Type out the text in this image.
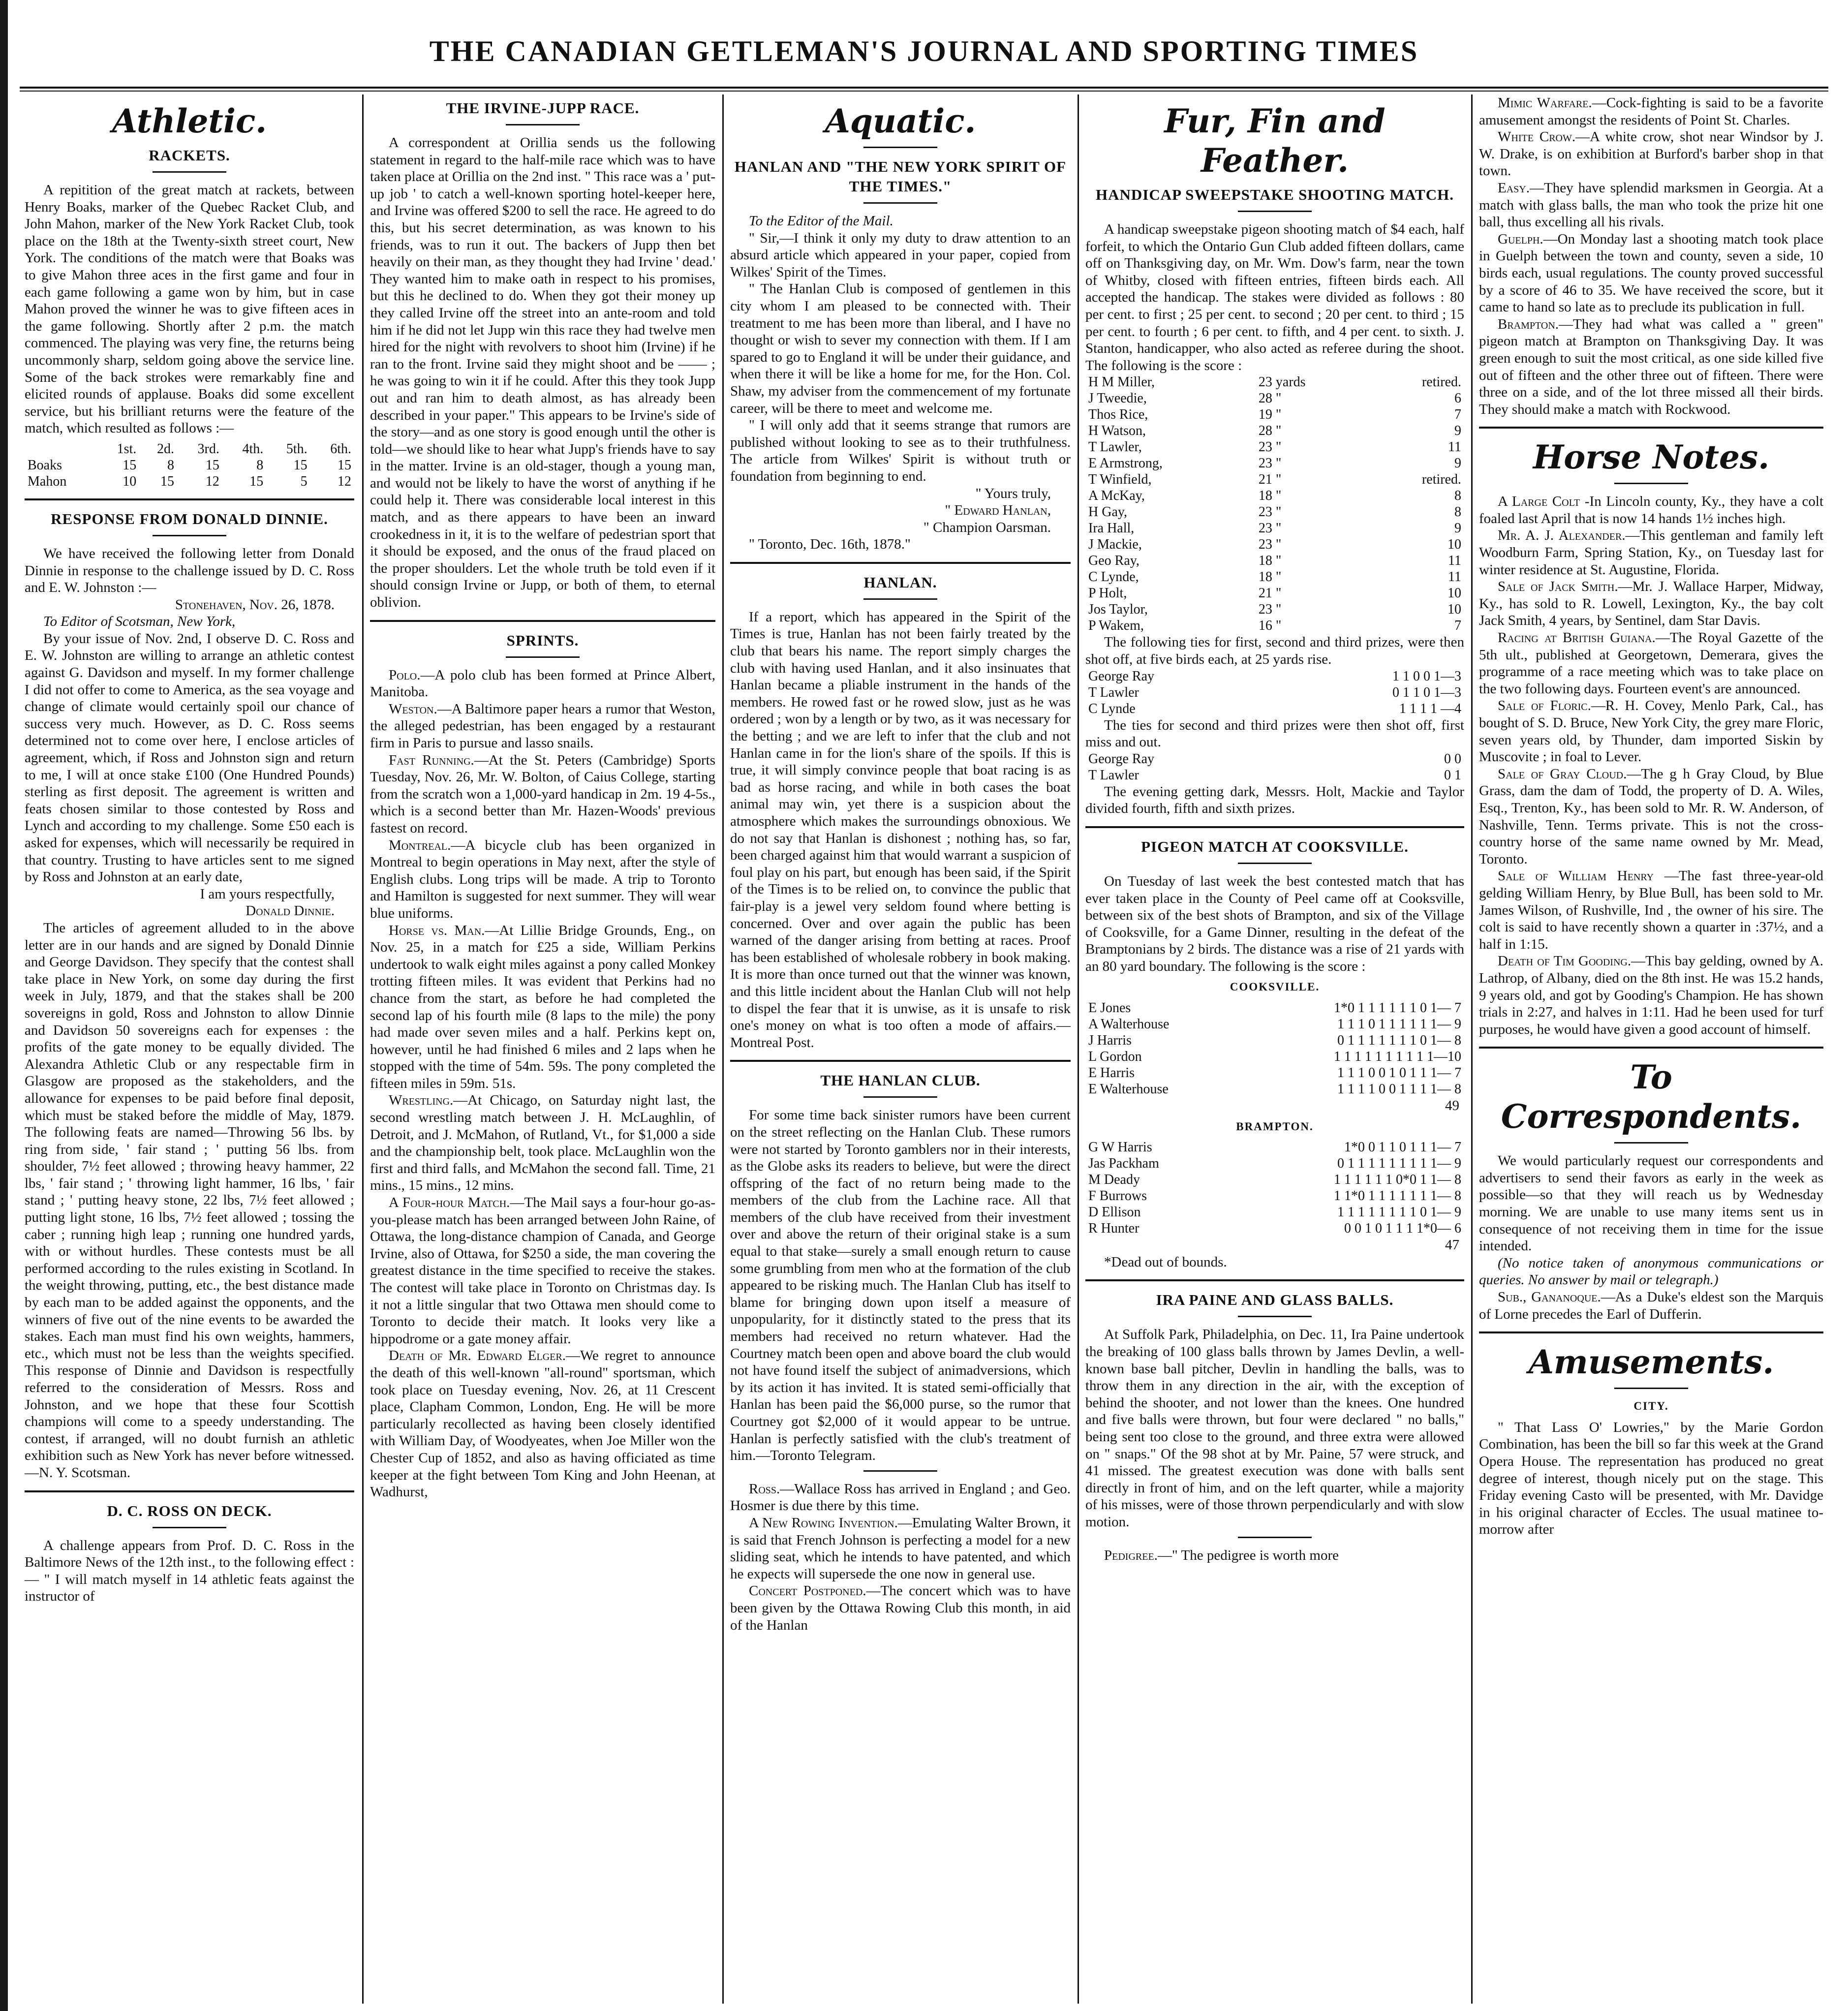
THE CANADIAN GETLEMAN'S JOURNAL AND SPORTING TIMES
Athletic.
RACKETS.

A repitition of the great match at rackets, between Henry Boaks, marker of the Quebec Racket Club, and John Mahon, marker of the New York Racket Club, took place on the 18th at the Twenty-sixth street court, New York. The conditions of the match were that Boaks was to give Mahon three aces in the first game and four in each game following a game won by him, but in case Mahon proved the winner he was to give fifteen aces in the game following. Shortly after 2 p.m. the match commenced. The playing was very fine, the returns being uncommonly sharp, seldom going above the service line. Some of the back strokes were remarkably fine and elicited rounds of applause. Boaks did some excellent service, but his brilliant returns were the feature of the match, which resulted as follows :—

	1st.	2d.	3rd.	4th.	5th.	6th.
Boaks	15	8	15	8	15	15
Mahon	10	15	12	15	5	12
RESPONSE FROM DONALD DINNIE.

We have received the following letter from Donald Dinnie in response to the challenge issued by D. C. Ross and E. W. Johnston :—

Stonehaven, Nov. 26, 1878.

To Editor of Scotsman, New York,

By your issue of Nov. 2nd, I observe D. C. Ross and E. W. Johnston are willing to arrange an athletic contest against G. Davidson and myself. In my former challenge I did not offer to come to America, as the sea voyage and change of climate would certainly spoil our chance of success very much. However, as D. C. Ross seems determined not to come over here, I enclose articles of agreement, which, if Ross and Johnston sign and return to me, I will at once stake £100 (One Hundred Pounds) sterling as first deposit. The agreement is written and feats chosen similar to those contested by Ross and Lynch and according to my challenge. Some £50 each is asked for expenses, which will necessarily be required in that country. Trusting to have articles sent to me signed by Ross and Johnston at an early date,

I am yours respectfully,
Donald Dinnie.

The articles of agreement alluded to in the above letter are in our hands and are signed by Donald Dinnie and George Davidson. They specify that the contest shall take place in New York, on some day during the first week in July, 1879, and that the stakes shall be 200 sovereigns in gold, Ross and Johnston to allow Dinnie and Davidson 50 sovereigns each for expenses : the profits of the gate money to be equally divided. The Alexandra Athletic Club or any respectable firm in Glasgow are proposed as the stakeholders, and the allowance for expenses to be paid before final deposit, which must be staked before the middle of May, 1879. The following feats are named—Throwing 56 lbs. by ring from side, ' fair stand ; ' putting 56 lbs. from shoulder, 7½ feet allowed ; throwing heavy hammer, 22 lbs, ' fair stand ; ' throwing light hammer, 16 lbs, ' fair stand ; ' putting heavy stone, 22 lbs, 7½ feet allowed ; putting light stone, 16 lbs, 7½ feet allowed ; tossing the caber ; running high leap ; running one hundred yards, with or without hurdles. These contests must be all performed according to the rules existing in Scotland. In the weight throwing, putting, etc., the best distance made by each man to be added against the opponents, and the winners of five out of the nine events to be awarded the stakes. Each man must find his own weights, hammers, etc., which must not be less than the weights specified. This response of Dinnie and Davidson is respectfully referred to the consideration of Messrs. Ross and Johnston, and we hope that these four Scottish champions will come to a speedy understanding. The contest, if arranged, will no doubt furnish an athletic exhibition such as New York has never before witnessed.—N. Y. Scotsman.

D. C. ROSS ON DECK.

A challenge appears from Prof. D. C. Ross in the Baltimore News of the 12th inst., to the following effect :— " I will match myself in 14 athletic feats against the instructor of

THE IRVINE-JUPP RACE.

A correspondent at Orillia sends us the following statement in regard to the half-mile race which was to have taken place at Orillia on the 2nd inst. " This race was a ' put-up job ' to catch a well-known sporting hotel-keeper here, and Irvine was offered $200 to sell the race. He agreed to do this, but his secret determination, as was known to his friends, was to run it out. The backers of Jupp then bet heavily on their man, as they thought they had Irvine ' dead.' They wanted him to make oath in respect to his promises, but this he declined to do. When they got their money up they called Irvine off the street into an ante-room and told him if he did not let Jupp win this race they had twelve men hired for the night with revolvers to shoot him (Irvine) if he ran to the front. Irvine said they might shoot and be —— ; he was going to win it if he could. After this they took Jupp out and ran him to death almost, as has already been described in your paper." This appears to be Irvine's side of the story—and as one story is good enough until the other is told—we should like to hear what Jupp's friends have to say in the matter. Irvine is an old-stager, though a young man, and would not be likely to have the worst of anything if he could help it. There was considerable local interest in this match, and as there appears to have been an inward crookedness in it, it is to the welfare of pedestrian sport that it should be exposed, and the onus of the fraud placed on the proper shoulders. Let the whole truth be told even if it should consign Irvine or Jupp, or both of them, to eternal oblivion.

SPRINTS.

Polo.—A polo club has been formed at Prince Albert, Manitoba.

Weston.—A Baltimore paper hears a rumor that Weston, the alleged pedestrian, has been engaged by a restaurant firm in Paris to pursue and lasso snails.

Fast Running.—At the St. Peters (Cambridge) Sports Tuesday, Nov. 26, Mr. W. Bolton, of Caius College, starting from the scratch won a 1,000-yard handicap in 2m. 19 4-5s., which is a second better than Mr. Hazen-Woods' previous fastest on record.

Montreal.—A bicycle club has been organized in Montreal to begin operations in May next, after the style of English clubs. Long trips will be made. A trip to Toronto and Hamilton is suggested for next summer. They will wear blue uniforms.

Horse vs. Man.—At Lillie Bridge Grounds, Eng., on Nov. 25, in a match for £25 a side, William Perkins undertook to walk eight miles against a pony called Monkey trotting fifteen miles. It was evident that Perkins had no chance from the start, as before he had completed the second lap of his fourth mile (8 laps to the mile) the pony had made over seven miles and a half. Perkins kept on, however, until he had finished 6 miles and 2 laps when he stopped with the time of 54m. 59s. The pony completed the fifteen miles in 59m. 51s.

Wrestling.—At Chicago, on Saturday night last, the second wrestling match between J. H. McLaughlin, of Detroit, and J. McMahon, of Rutland, Vt., for $1,000 a side and the championship belt, took place. McLaughlin won the first and third falls, and McMahon the second fall. Time, 21 mins., 15 mins., 12 mins.

A Four-hour Match.—The Mail says a four-hour go-as-you-please match has been arranged between John Raine, of Ottawa, the long-distance champion of Canada, and George Irvine, also of Ottawa, for $250 a side, the man covering the greatest distance in the time specified to receive the stakes. The contest will take place in Toronto on Christmas day. Is it not a little singular that two Ottawa men should come to Toronto to decide their match. It looks very like a hippodrome or a gate money affair.

Death of Mr. Edward Elger.—We regret to announce the death of this well-known "all-round" sportsman, which took place on Tuesday evening, Nov. 26, at 11 Crescent place, Clapham Common, London, Eng. He will be more particularly recollected as having been closely identified with William Day, of Woodyeates, when Joe Miller won the Chester Cup of 1852, and also as having officiated as time keeper at the fight between Tom King and John Heenan, at Wadhurst,

Aquatic.
HANLAN AND "THE NEW YORK SPIRIT OF THE TIMES."

To the Editor of the Mail.

" Sir,—I think it only my duty to draw attention to an absurd article which appeared in your paper, copied from Wilkes' Spirit of the Times.

" The Hanlan Club is composed of gentlemen in this city whom I am pleased to be connected with. Their treatment to me has been more than liberal, and I have no thought or wish to sever my connection with them. If I am spared to go to England it will be under their guidance, and when there it will be like a home for me, for the Hon. Col. Shaw, my adviser from the commencement of my fortunate career, will be there to meet and welcome me.

" I will only add that it seems strange that rumors are published without looking to see as to their truthfulness. The article from Wilkes' Spirit is without truth or foundation from beginning to end.

" Yours truly,
" Edward Hanlan,
" Champion Oarsman.

" Toronto, Dec. 16th, 1878."

HANLAN.

If a report, which has appeared in the Spirit of the Times is true, Hanlan has not been fairly treated by the club that bears his name. The report simply charges the club with having used Hanlan, and it also insinuates that Hanlan became a pliable instrument in the hands of the members. He rowed fast or he rowed slow, just as he was ordered ; won by a length or by two, as it was necessary for the betting ; and we are left to infer that the club and not Hanlan came in for the lion's share of the spoils. If this is true, it will simply convince people that boat racing is as bad as horse racing, and while in both cases the boat animal may win, yet there is a suspicion about the atmosphere which makes the surroundings obnoxious. We do not say that Hanlan is dishonest ; nothing has, so far, been charged against him that would warrant a suspicion of foul play on his part, but enough has been said, if the Spirit of the Times is to be relied on, to convince the public that fair-play is a jewel very seldom found where betting is concerned. Over and over again the public has been warned of the danger arising from betting at races. Proof has been established of wholesale robbery in book making. It is more than once turned out that the winner was known, and this little incident about the Hanlan Club will not help to dispel the fear that it is unwise, as it is unsafe to risk one's money on what is too often a mode of affairs.—Montreal Post.

THE HANLAN CLUB.

For some time back sinister rumors have been current on the street reflecting on the Hanlan Club. These rumors were not started by Toronto gamblers nor in their interests, as the Globe asks its readers to believe, but were the direct offspring of the fact of no return being made to the members of the club from the Lachine race. All that members of the club have received from their investment over and above the return of their original stake is a sum equal to that stake—surely a small enough return to cause some grumbling from men who at the formation of the club appeared to be risking much. The Hanlan Club has itself to blame for bringing down upon itself a measure of unpopularity, for it distinctly stated to the press that its members had received no return whatever. Had the Courtney match been open and above board the club would not have found itself the subject of animadversions, which by its action it has invited. It is stated semi-officially that Hanlan has been paid the $6,000 purse, so the rumor that Courtney got $2,000 of it would appear to be untrue. Hanlan is perfectly satisfied with the club's treatment of him.—Toronto Telegram.

Ross.—Wallace Ross has arrived in England ; and Geo. Hosmer is due there by this time.

A New Rowing Invention.—Emulating Walter Brown, it is said that French Johnson is perfecting a model for a new sliding seat, which he intends to have patented, and which he expects will supersede the one now in general use.

Concert Postponed.—The concert which was to have been given by the Ottawa Rowing Club this month, in aid of the Hanlan

Fur, Fin and Feather.
HANDICAP SWEEPSTAKE SHOOTING MATCH.

A handicap sweepstake pigeon shooting match of $4 each, half forfeit, to which the Ontario Gun Club added fifteen dollars, came off on Thanksgiving day, on Mr. Wm. Dow's farm, near the town of Whitby, closed with fifteen entries, fifteen birds each. All accepted the handicap. The stakes were divided as follows : 80 per cent. to first ; 25 per cent. to second ; 20 per cent. to third ; 15 per cent. to fourth ; 6 per cent. to fifth, and 4 per cent. to sixth. J. Stanton, handicapper, who also acted as referee during the shoot. The following is the score :

H M Miller,	23 yards	retired.
J Tweedie,	28 "	6
Thos Rice,	19 "	7
H Watson,	28 "	9
T Lawler,	23 "	11
E Armstrong,	23 "	9
T Winfield,	21 "	retired.
A McKay,	18 "	8
H Gay,	23 "	8
Ira Hall,	23 "	9
J Mackie,	23 "	10
Geo Ray,	18 "	11
C Lynde,	18 "	11
P Holt,	21 "	10
Jos Taylor,	23 "	10
P Wakem,	16 "	7

The following ties for first, second and third prizes, were then shot off, at five birds each, at 25 yards rise.

George Ray	1 1 0 0 1—3
T Lawler	0 1 1 0 1—3
C Lynde	1 1 1 1 —4

The ties for second and third prizes were then shot off, first miss and out.

George Ray	0 0
T Lawler	0 1

The evening getting dark, Messrs. Holt, Mackie and Taylor divided fourth, fifth and sixth prizes.

PIGEON MATCH AT COOKSVILLE.

On Tuesday of last week the best contested match that has ever taken place in the County of Peel came off at Cooksville, between six of the best shots of Brampton, and six of the Village of Cooksville, for a Game Dinner, resulting in the defeat of the Bramptonians by 2 birds. The distance was a rise of 21 yards with an 80 yard boundary. The following is the score :

COOKSVILLE.
E Jones	1*0 1 1 1 1 1 1 0 1— 7
A Walterhouse	1 1 1 0 1 1 1 1 1 1— 9
J Harris	0 1 1 1 1 1 1 1 0 1— 8
L Gordon	1 1 1 1 1 1 1 1 1 1—10
E Harris	1 1 1 0 0 1 0 1 1 1— 7
E Walterhouse	1 1 1 1 0 0 1 1 1 1— 8
49
BRAMPTON.
G W Harris	1*0 0 1 1 0 1 1 1— 7
Jas Packham	0 1 1 1 1 1 1 1 1 1— 9
M Deady	1 1 1 1 1 1 0*0 1 1— 8
F Burrows	1 1*0 1 1 1 1 1 1 1— 8
D Ellison	1 1 1 1 1 1 1 1 0 1— 9
R Hunter	0 0 1 0 1 1 1 1*0— 6
47

*Dead out of bounds.

IRA PAINE AND GLASS BALLS.

At Suffolk Park, Philadelphia, on Dec. 11, Ira Paine undertook the breaking of 100 glass balls thrown by James Devlin, a well-known base ball pitcher, Devlin in handling the balls, was to throw them in any direction in the air, with the exception of behind the shooter, and not lower than the knees. One hundred and five balls were thrown, but four were declared " no balls," being sent too close to the ground, and three extra were allowed on " snaps." Of the 98 shot at by Mr. Paine, 57 were struck, and 41 missed. The greatest execution was done with balls sent directly in front of him, and on the left quarter, while a majority of his misses, were of those thrown perpendicularly and with slow motion.

Pedigree.—" The pedigree is worth more

Mimic Warfare.—Cock-fighting is said to be a favorite amusement amongst the residents of Point St. Charles.

White Crow.—A white crow, shot near Windsor by J. W. Drake, is on exhibition at Burford's barber shop in that town.

Easy.—They have splendid marksmen in Georgia. At a match with glass balls, the man who took the prize hit one ball, thus excelling all his rivals.

Guelph.—On Monday last a shooting match took place in Guelph between the town and county, seven a side, 10 birds each, usual regulations. The county proved successful by a score of 46 to 35. We have received the score, but it came to hand so late as to preclude its publication in full.

Brampton.—They had what was called a " green" pigeon match at Brampton on Thanksgiving Day. It was green enough to suit the most critical, as one side killed five out of fifteen and the other three out of fifteen. There were three on a side, and of the lot three missed all their birds. They should make a match with Rockwood.

Horse Notes.

A Large Colt -In Lincoln county, Ky., they have a colt foaled last April that is now 14 hands 1½ inches high.

Mr. A. J. Alexander.—This gentleman and family left Woodburn Farm, Spring Station, Ky., on Tuesday last for winter residence at St. Augustine, Florida.

Sale of Jack Smith.—Mr. J. Wallace Harper, Midway, Ky., has sold to R. Lowell, Lexington, Ky., the bay colt Jack Smith, 4 years, by Sentinel, dam Star Davis.

Racing at British Guiana.—The Royal Gazette of the 5th ult., published at Georgetown, Demerara, gives the programme of a race meeting which was to take place on the two following days. Fourteen event's are announced.

Sale of Floric.—R. H. Covey, Menlo Park, Cal., has bought of S. D. Bruce, New York City, the grey mare Floric, seven years old, by Thunder, dam imported Siskin by Muscovite ; in foal to Lever.

Sale of Gray Cloud.—The g h Gray Cloud, by Blue Grass, dam the dam of Todd, the property of D. A. Wiles, Esq., Trenton, Ky., has been sold to Mr. R. W. Anderson, of Nashville, Tenn. Terms private. This is not the cross-country horse of the same name owned by Mr. Mead, Toronto.

Sale of William Henry —The fast three-year-old gelding William Henry, by Blue Bull, has been sold to Mr. James Wilson, of Rushville, Ind , the owner of his sire. The colt is said to have recently shown a quarter in :37½, and a half in 1:15.

Death of Tim Gooding.—This bay gelding, owned by A. Lathrop, of Albany, died on the 8th inst. He was 15.2 hands, 9 years old, and got by Gooding's Champion. He has shown trials in 2:27, and halves in 1:11. Had he been used for turf purposes, he would have given a good account of himself.

To Correspondents.

We would particularly request our correspondents and advertisers to send their favors as early in the week as possible—so that they will reach us by Wednesday morning. We are unable to use many items sent us in consequence of not receiving them in time for the issue intended.

(No notice taken of anonymous communications or queries. No answer by mail or telegraph.)

Sub., Gananoque.—As a Duke's eldest son the Marquis of Lorne precedes the Earl of Dufferin.

Amusements.
CITY.

" That Lass O' Lowries," by the Marie Gordon Combination, has been the bill so far this week at the Grand Opera House. The representation has produced no great degree of interest, though nicely put on the stage. This Friday evening Casto will be presented, with Mr. Davidge in his original character of Eccles. The usual matinee to-morrow after
